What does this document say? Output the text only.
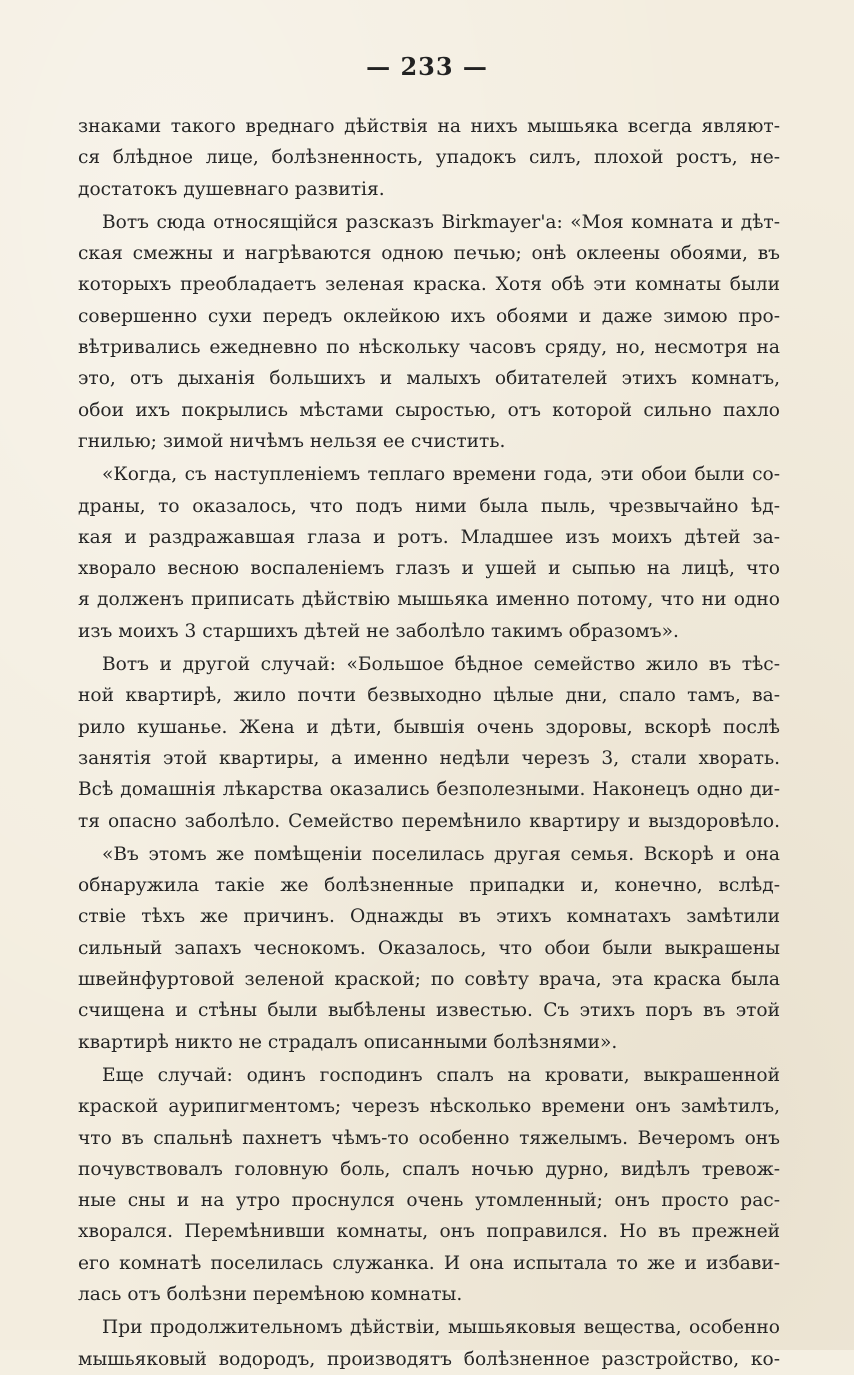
— 233 —
знаками такого вреднаго дѣйствія на нихъ мышьяка всегда являют-
ся блѣдное лице, болѣзненность, упадокъ силъ, плохой ростъ, не-
достатокъ душевнаго развитія.
Вотъ сюда относящійся разсказъ Birkmayer'а: «Моя комната и дѣт-
ская смежны и нагрѣваются одною печью; онѣ оклеены обоями, въ
которыхъ преобладаетъ зеленая краска. Хотя обѣ эти комнаты были
совершенно сухи передъ оклейкою ихъ обоями и даже зимою про-
вѣтривались ежедневно по нѣскольку часовъ сряду, но, несмотря на
это, отъ дыханія большихъ и малыхъ обитателей этихъ комнатъ,
обои ихъ покрылись мѣстами сыростью, отъ которой сильно пахло
гнилью; зимой ничѣмъ нельзя ее счистить.
«Когда, съ наступленіемъ теплаго времени года, эти обои были со-
драны, то оказалось, что подъ ними была пыль, чрезвычайно ѣд-
кая и раздражавшая глаза и ротъ. Младшее изъ моихъ дѣтей за-
хворало весною воспаленіемъ глазъ и ушей и сыпью на лицѣ, что
я долженъ приписать дѣйствію мышьяка именно потому, что ни одно
изъ моихъ 3 старшихъ дѣтей не заболѣло такимъ образомъ».
Вотъ и другой случай: «Большое бѣдное семейство жило въ тѣс-
ной квартирѣ, жило почти безвыходно цѣлые дни, спало тамъ, ва-
рило кушанье. Жена и дѣти, бывшія очень здоровы, вскорѣ послѣ
занятія этой квартиры, а именно недѣли черезъ 3, стали хворать.
Всѣ домашнія лѣкарства оказались безполезными. Наконецъ одно ди-
тя опасно заболѣло. Семейство перемѣнило квартиру и выздоровѣло.
«Въ этомъ же помѣщеніи поселилась другая семья. Вскорѣ и она
обнаружила такіе же болѣзненные припадки и, конечно, вслѣд-
ствіе тѣхъ же причинъ. Однажды въ этихъ комнатахъ замѣтили
сильный запахъ чеснокомъ. Оказалось, что обои были выкрашены
швейнфуртовой зеленой краской; по совѣту врача, эта краска была
счищена и стѣны были выбѣлены известью. Съ этихъ поръ въ этой
квартирѣ никто не страдалъ описанными болѣзнями».
Еще случай: одинъ господинъ спалъ на кровати, выкрашенной
краской аурипигментомъ; черезъ нѣсколько времени онъ замѣтилъ,
что въ спальнѣ пахнетъ чѣмъ-то особенно тяжелымъ. Вечеромъ онъ
почувствовалъ головную боль, спалъ ночью дурно, видѣлъ тревож-
ные сны и на утро проснулся очень утомленный; онъ просто рас-
хворался. Перемѣнивши комнаты, онъ поправился. Но въ прежней
его комнатѣ поселилась служанка. И она испытала то же и избави-
лась отъ болѣзни перемѣною комнаты.
При продолжительномъ дѣйствіи, мышьяковыя вещества, особенно
мышьяковый водородъ, производятъ болѣзненное разстройство, ко-
